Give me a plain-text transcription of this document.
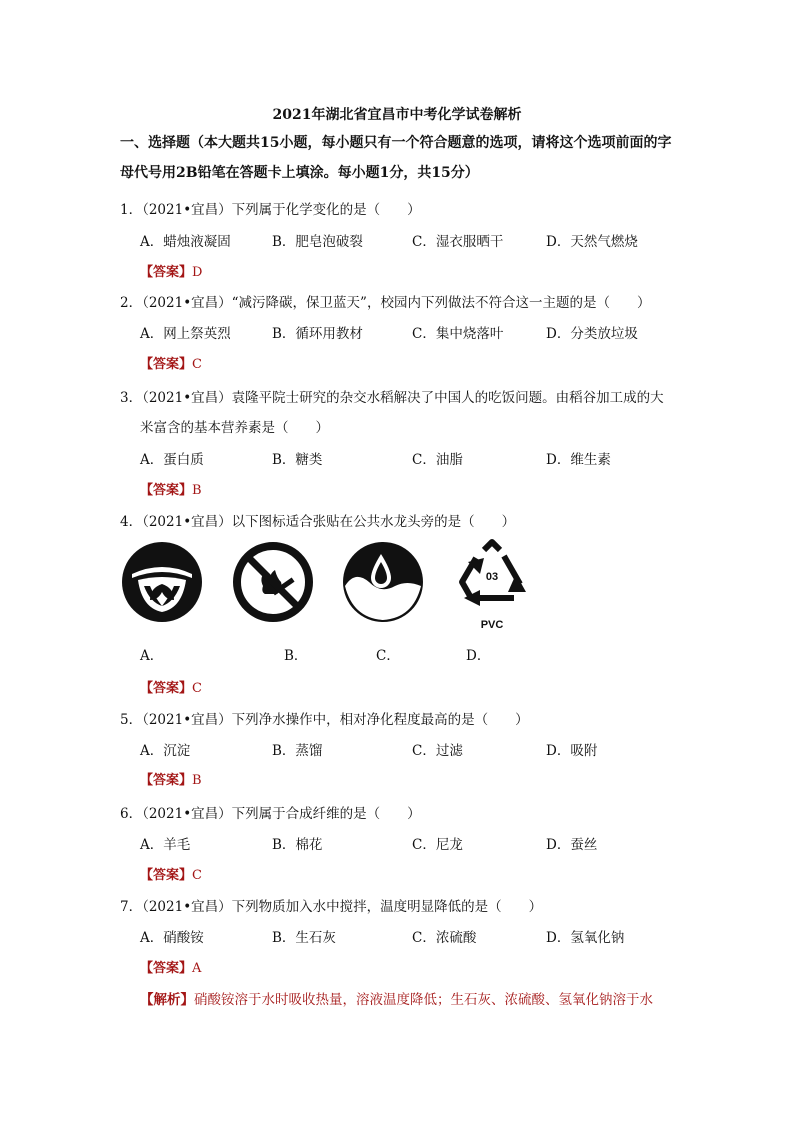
2021年湖北省宜昌市中考化学试卷解析
一、选择题（本大题共15小题，每小题只有一个符合题意的选项，请将这个选项前面的字
母代号用2B铅笔在答题卡上填涂。每小题1分，共15分）
1．（2021•宜昌）下列属于化学变化的是（　　）
A．蜡烛液凝固	B．肥皂泡破裂	C．湿衣服晒干	D．天然气燃烧
【答案】D
2．（2021•宜昌）“减污降碳，保卫蓝天”，校园内下列做法不符合这一主题的是（　　）
A．网上祭英烈	B．循环用教材	C．集中烧落叶	D．分类放垃圾
【答案】C
3．（2021•宜昌）袁隆平院士研究的杂交水稻解决了中国人的吃饭问题。由稻谷加工成的大
米富含的基本营养素是（　　）
A．蛋白质	B．糖类	C．油脂	D．维生素
【答案】B
4．（2021•宜昌）以下图标适合张贴在公共水龙头旁的是（　　）
03
PVC
A．	B．	C．	D．
【答案】C
5．（2021•宜昌）下列净水操作中，相对净化程度最高的是（　　）
A．沉淀	B．蒸馏	C．过滤	D．吸附
【答案】B
6．（2021•宜昌）下列属于合成纤维的是（　　）
A．羊毛	B．棉花	C．尼龙	D．蚕丝
【答案】C
7．（2021•宜昌）下列物质加入水中搅拌，温度明显降低的是（　　）
A．硝酸铵	B．生石灰	C．浓硫酸	D．氢氧化钠
【答案】A
【解析】硝酸铵溶于水时吸收热量，溶液温度降低；生石灰、浓硫酸、氢氧化钠溶于水
